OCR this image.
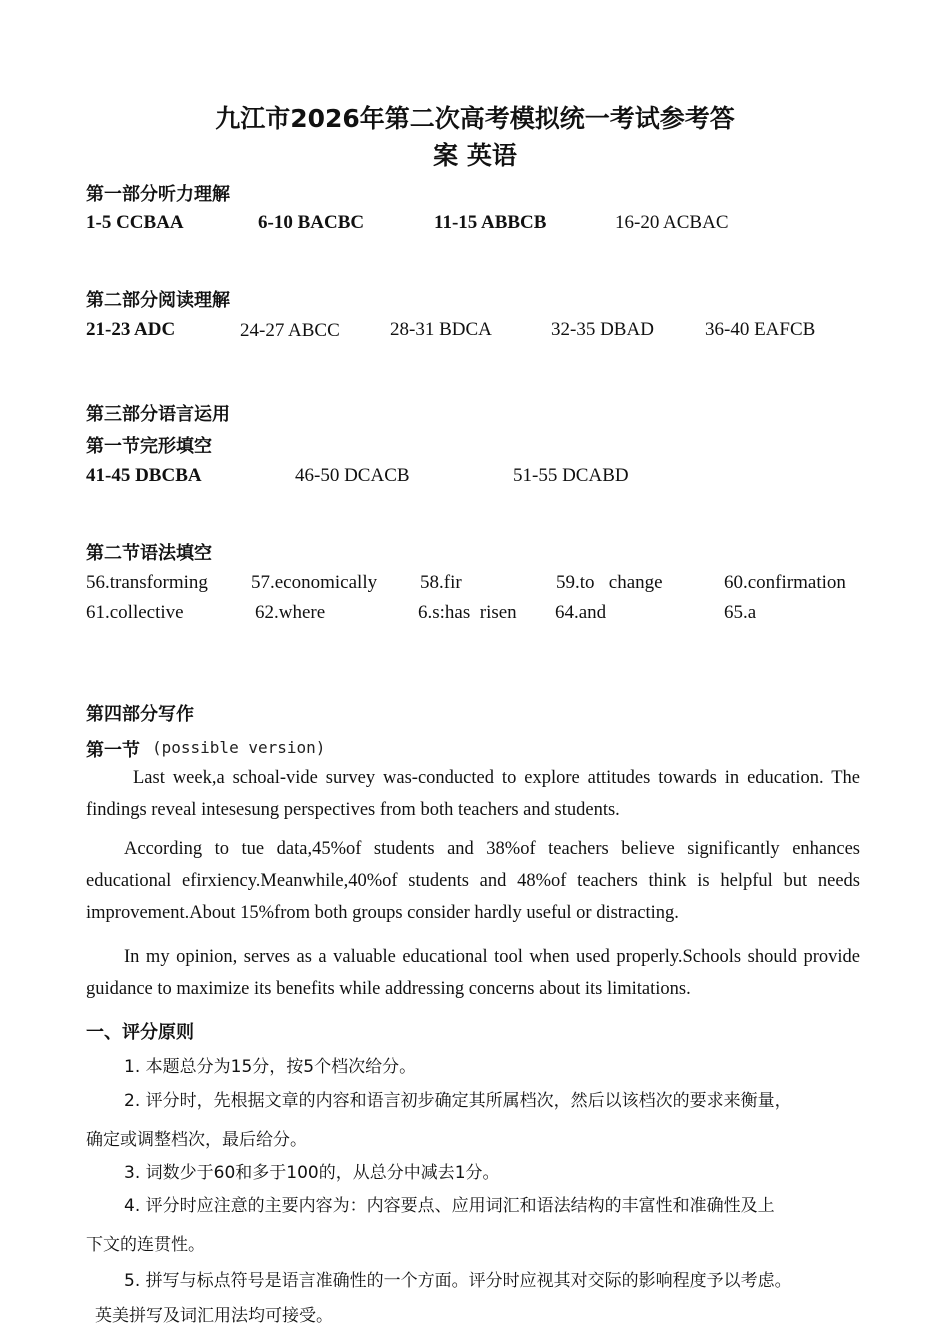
九江市2026年第二次高考模拟统一考试参考答
案 英语
第一部分听力理解
1-5 CCBAA	6-10 BACBC	11-15 ABBCB	16-20 ACBAC
第二部分阅读理解
21-23 ADC	24-27 ABCC	28-31 BDCA	32-35 DBAD	36-40 EAFCB
第三部分语言运用
第一节完形填空
41-45 DBCBA	46-50 DCACB	51-55 DCABD
第二节语法填空
56.transforming 57.economically 58.fir	59.to   change	60.confirmation
61.collective	62.where	6.s:has  risen 64.and	65.a
第四部分写作
第一节 (possible version)
Last week,a schoal-vide survey was-conducted to explore attitudes towards in education. The findings reveal intesesung perspectives from both teachers and students.
According to tue data,45%of students and 38%of teachers believe significantly enhances educational efirxiency.Meanwhile,40%of students and 48%of teachers think is helpful but needs improvement.About 15%from both groups consider hardly useful or distracting.
In my opinion, serves as a valuable educational tool when used properly.Schools should provide guidance to maximize its benefits while addressing concerns about its limitations.
一、评分原则
1. 本题总分为15分，按5个档次给分。
2. 评分时，先根据文章的内容和语言初步确定其所属档次，然后以该档次的要求来衡量，
确定或调整档次，最后给分。
3. 词数少于60和多于100的，从总分中减去1分。
4. 评分时应注意的主要内容为：内容要点、应用词汇和语法结构的丰富性和准确性及上
下文的连贯性。
5. 拼写与标点符号是语言准确性的一个方面。评分时应视其对交际的影响程度予以考虑。
英美拼写及词汇用法均可接受。
